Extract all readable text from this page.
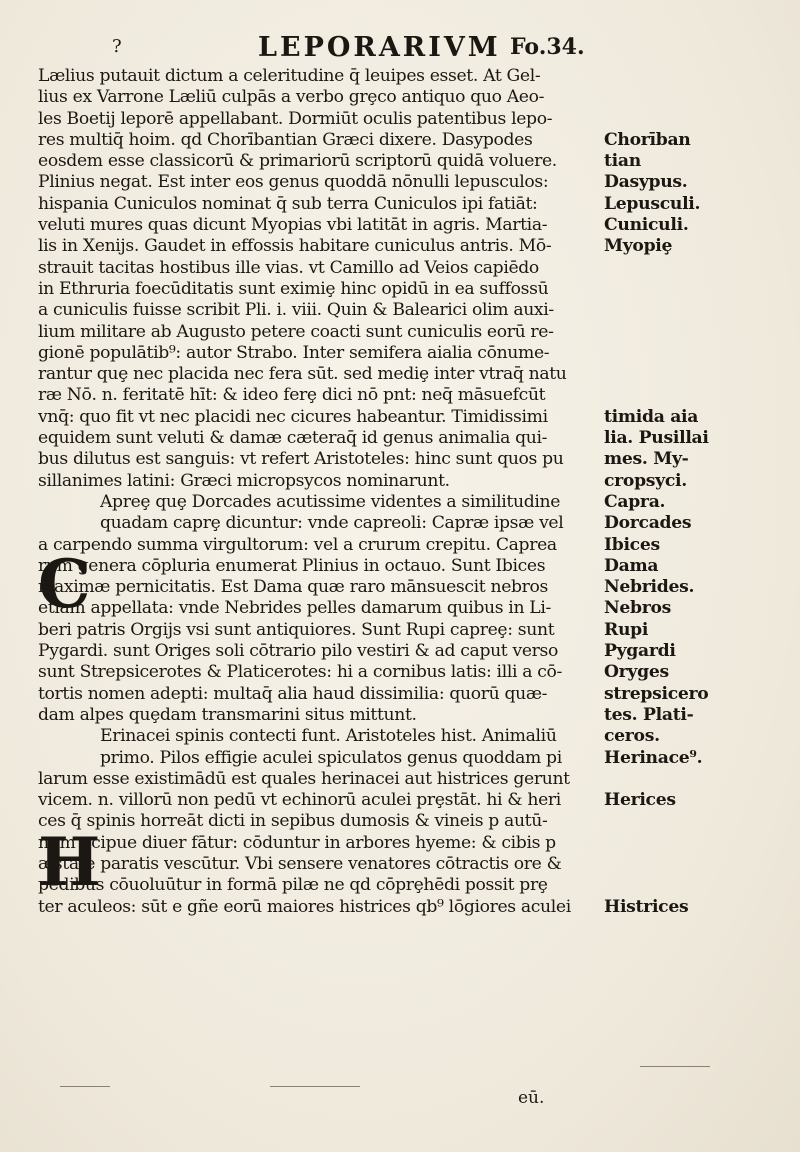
?	LEPORARIVM Fo.34.
Lælius putauit dictum a celeritudine q̄ leuipes esset. At Gel-
lius ex Varrone Læliū culpās a verbo grȩco antiquo quo Aeo-
les Boetij leporē appellabant. Dormiūt oculis patentibus lepo-
res multiq̄ hoim. qd Chorībantian Græci dixere. Dasypodes
eosdem esse classicorū & primariorū scriptorū quidā voluere.
Plinius negat. Est inter eos genus quoddā nōnulli lepusculos:
hispania Cuniculos nominat q̄ sub terra Cuniculos ipi fatiāt:
veluti mures quas dicunt Myopias vbi latitāt in agris. Martia-
lis in Xenijs. Gaudet in effossis habitare cuniculus antris. Mō-
strauit tacitas hostibus ille vias. vt Camillo ad Veios capiēdo
in Ethruria foecūditatis sunt eximiȩ hinc opidū in ea suffossū
a cuniculis fuisse scribit Pli. i. viii. Quin & Balearici olim auxi-
lium militare ab Augusto petere coacti sunt cuniculis eorū re-
gionē populātib⁹: autor Strabo. Inter semifera aialia cōnume-
rantur quȩ nec placida nec fera sūt. sed mediȩ inter vtraq̄ natu
ræ Nō. n. feritatē hīt: & ideo ferȩ dici nō pnt: neq̄ māsuefcūt
vnq̄: quo fit vt nec placidi nec cicures habeantur. Timidissimi
equidem sunt veluti & damæ cæteraq̄ id genus animalia qui-
bus dilutus est sanguis: vt refert Aristoteles: hinc sunt quos pu
sillanimes latini: Græci micropsycos nominarunt.
Apreȩ quȩ Dorcades acutissime videntes a similitudine
quadam caprȩ dicuntur: vnde capreoli: Capræ ipsæ vel
a carpendo summa virgultorum: vel a crurum crepitu. Caprea
rum genera cōpluria enumerat Plinius in octauo. Sunt Ibices
maximæ pernicitatis. Est Dama quæ raro mānsuescit nebros
etiam appellata: vnde Nebrides pelles damarum quibus in Li-
beri patris Orgijs vsi sunt antiquiores. Sunt Rupi capreȩ: sunt
Pygardi. sunt Origes soli cōtrario pilo vestiri & ad caput verso
sunt Strepsicerotes & Platicerotes: hi a cornibus latis: illi a cō-
tortis nomen adepti: multaq̄ alia haud dissimilia: quorū quæ-
dam alpes quȩdam transmarini situs mittunt.
Erinacei spinis contecti funt. Aristoteles hist. Animaliū
primo. Pilos effigie aculei spiculatos genus quoddam pi
larum esse existimādū est quales herinacei aut histrices gerunt
vicem. n. villorū non pedū vt echinorū aculei prȩstāt. hi & heri
ces q̄ spinis horreāt dicti in sepibus dumosis & vineis p autū-
num pcipue diuer fātur: cōduntur in arbores hyeme: & cibis p
æstate paratis vescūtur. Vbi sensere venatores cōtractis ore &
pedibus cōuoluūtur in formā pilæ ne qd cōprȩhēdi possit prȩ
ter aculeos: sūt e gñe eorū maiores histrices qb⁹ lōgiores aculei
C
H
Chorīban
tian
Dasypus.
Lepusculi.
Cuniculi.
Myopiȩ
timida aia
lia. Pusillai
mes. My-
cropsyci.
Capra.
Dorcades
Ibices
Dama
Nebrides.
Nebros
Rupi
Pygardi
Oryges
strepsicero
tes. Plati-
ceros.
Herinace⁹.
Herices
Histrices
eū.
